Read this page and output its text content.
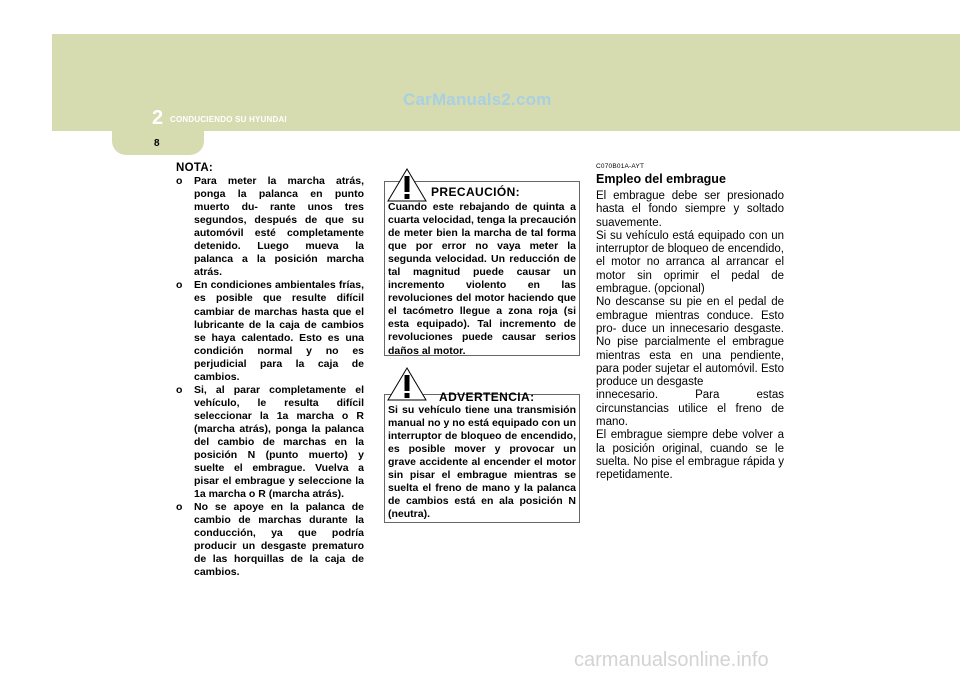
2 CONDUCIENDO SU HYUNDAI
8
CarManuals2.com
NOTA:
o Para meter la marcha atrás, ponga la palanca en punto muerto du- rante unos tres segundos, después de que su automóvil esté completamente detenido. Luego mueva la palanca a la posición marcha atrás.
o En condiciones ambientales frías, es posible que resulte difícil cambiar de marchas hasta que el lubricante de la caja de cambios se haya calentado. Esto es una condición normal y no es perjudicial para la caja de cambios.
o Si, al parar completamente el vehículo, le resulta difícil seleccionar la 1a marcha o R (marcha atrás), ponga la palanca del cambio de marchas en la posición N (punto muerto) y suelte el embrague. Vuelva a pisar el embrague y seleccione la 1a marcha o R (marcha atrás).
o No se apoye en la palanca de cambio de marchas durante la conducción, ya que podría producir un desgaste prematuro de las horquillas de la caja de cambios.
PRECAUCIÓN:
Cuando este rebajando de quinta a cuarta velocidad, tenga la precaución de meter bien la marcha de tal forma que por error no vaya meter la segunda velocidad. Un reducción de tal magnitud puede causar un incremento violento en las revoluciones del motor haciendo que el tacómetro llegue a zona roja (si esta equipado). Tal incremento de revoluciones puede causar serios daños al motor.
ADVERTENCIA:
Si su vehículo tiene una transmisión manual no y no está equipado con un interruptor de bloqueo de encendido, es posible mover y provocar un grave accidente al encender el motor sin pisar el embrague mientras se suelta el freno de mano y la palanca de cambios está en ala posición N (neutra).
C070B01A-AYT
Empleo del embrague

El embrague debe ser presionado hasta el fondo siempre y soltado suavemente.

Si su vehículo está equipado con un interruptor de bloqueo de encendido, el motor no arranca al arrancar el motor sin oprimir el pedal de embrague. (opcional)

No descanse su pie en el pedal de embrague mientras conduce. Esto pro- duce un innecesario desgaste. No pise parcialmente el embrague mientras esta en una pendiente, para poder sujetar el automóvil. Esto produce un desgaste

innecesario. Para estas circunstancias utilice el freno de mano.

El embrague siempre debe volver a la posición original, cuando se le suelta. No pise el embrague rápida y repetidamente.

carmanualsonline.info
